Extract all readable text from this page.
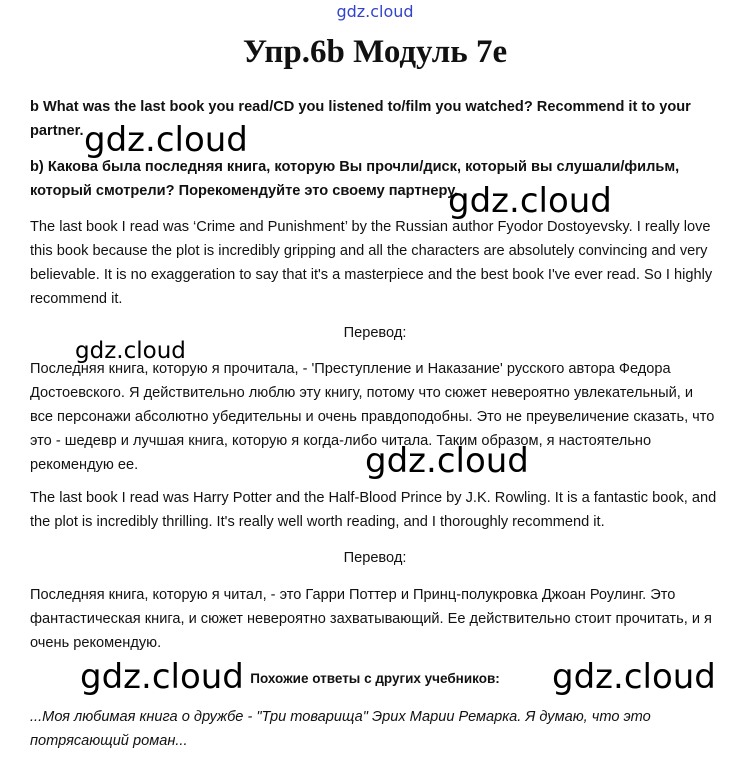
gdz.cloud
Упр.6b Модуль 7е

b What was the last book you read/CD you listened to/film you watched? Recommend it to your partner.

b) Какова была последняя книга, которую Вы прочли/диск, который вы слушали/фильм, который смотрели? Порекомендуйте это своему партнеру.

The last book I read was ‘Crime and Punishment’ by the Russian author Fyodor Dostoyevsky. I really love this book because the plot is incredibly gripping and all the characters are absolutely convincing and very believable. It is no exaggeration to say that it's a masterpiece and the best book I've ever read. So I highly recommend it.

Перевод:

Последняя книга, которую я прочитала, - 'Преступление и Наказание' русского автора Федора Достоевского. Я действительно люблю эту книгу, потому что сюжет невероятно увлекательный, и все персонажи абсолютно убедительны и очень правдоподобны. Это не преувеличение сказать, что это - шедевр и лучшая книга, которую я когда-либо читала. Таким образом, я настоятельно рекомендую ее.

The last book I read was Harry Potter and the Half-Blood Prince by J.K. Rowling. It is a fantastic book, and the plot is incredibly thrilling. It's really well worth reading, and I thoroughly recommend it.

Перевод:

Последняя книга, которую я читал, - это Гарри Поттер и Принц-полукровка Джоан Роулинг. Это фантастическая книга, и сюжет невероятно захватывающий. Ее действительно стоит прочитать, и я очень рекомендую.

Похожие ответы с других учебников:

...Моя любимая книга о дружбе - "Три товарища" Эрих Марии Ремарка. Я думаю, что это потрясающий роман...

gdz.cloud
gdz.cloud
gdz.cloud
gdz.cloud
gdz.cloud	gdz.cloud
